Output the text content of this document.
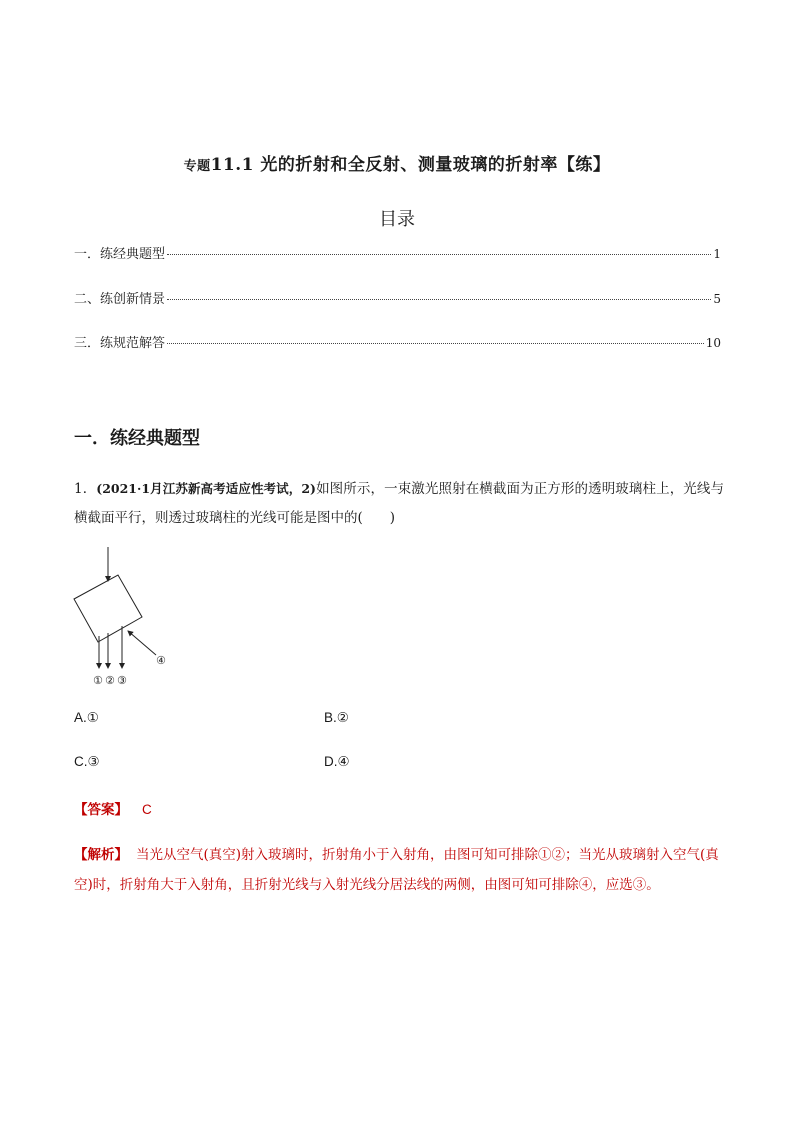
专题11.1 光的折射和全反射、测量玻璃的折射率【练】
目录
一．练经典题型	1
二、练创新情景	5
三．练规范解答	10
一．练经典题型
1．(2021·1月江苏新高考适应性考试，2)如图所示，一束激光照射在横截面为正方形的透明玻璃柱上，光线与横截面平行，则透过玻璃柱的光线可能是图中的(　　)
① ② ③
④
A.①	B.②
C.③	D.④
【答案】 C
【解析】 当光从空气(真空)射入玻璃时，折射角小于入射角，由图可知可排除①②；当光从玻璃射入空气(真空)时，折射角大于入射角，且折射光线与入射光线分居法线的两侧，由图可知可排除④，应选③。
